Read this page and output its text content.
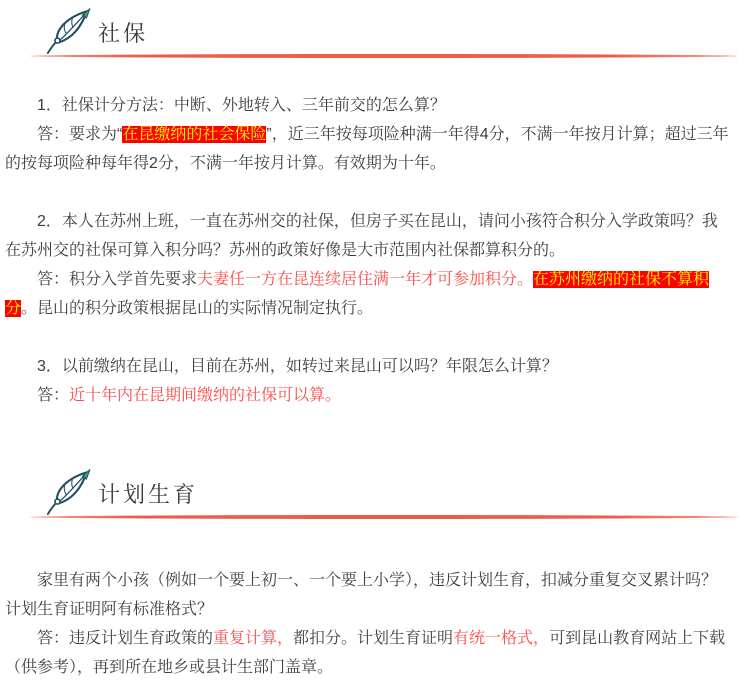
社保

1．社保计分方法：中断、外地转入、三年前交的怎么算？

答：要求为“在昆缴纳的社会保险”，近三年按每项险种满一年得4分，不满一年按月计算；超过三年的按每项险种每年得2分，不满一年按月计算。有效期为十年。

2．本人在苏州上班，一直在苏州交的社保，但房子买在昆山，请问小孩符合积分入学政策吗？我在苏州交的社保可算入积分吗？苏州的政策好像是大市范围内社保都算积分的。

答：积分入学首先要求夫妻任一方在昆连续居住满一年才可参加积分。在苏州缴纳的社保不算积分。昆山的积分政策根据昆山的实际情况制定执行。

3．以前缴纳在昆山，目前在苏州，如转过来昆山可以吗？年限怎么计算？

答：近十年内在昆期间缴纳的社保可以算。

计划生育

家里有两个小孩（例如一个要上初一、一个要上小学），违反计划生育，扣减分重复交叉累计吗？计划生育证明阿有标准格式？

答：违反计划生育政策的重复计算，都扣分。计划生育证明有统一格式，可到昆山教育网站上下载（供参考），再到所在地乡或县计生部门盖章。
